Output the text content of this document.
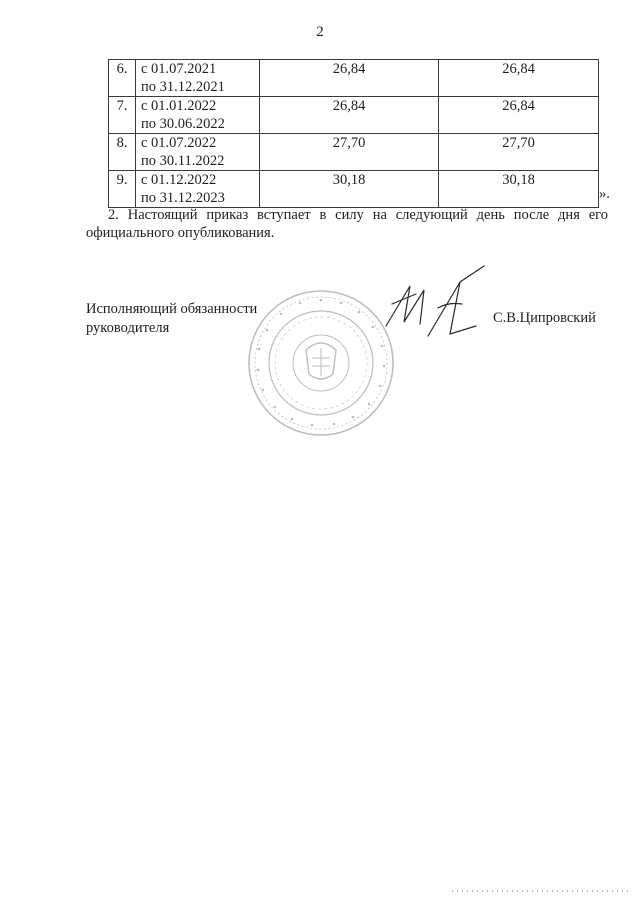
2
6.	с 01.07.2021
по 31.12.2021	26,84	26,84
7.	с 01.01.2022
по 30.06.2022	26,84	26,84
8.	с 01.07.2022
по 30.11.2022	27,70	27,70
9.	с 01.12.2022
по 31.12.2023	30,18	30,18
».

2. Настоящий приказ вступает в силу на следующий день после дня его официального опубликования.

Исполняющий обязанности
руководителя
С.В.Ципровский
